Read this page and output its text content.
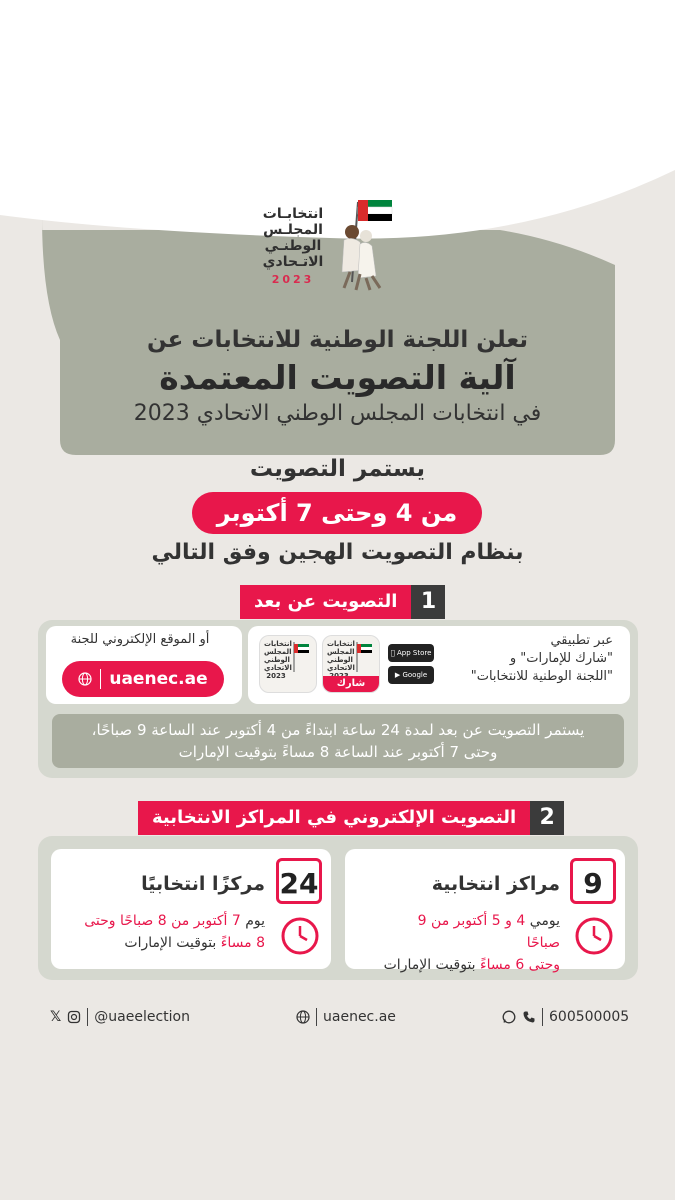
انتخابـات
المجلـس
الوطنـي
الاتـحادي
2023
تعلن اللجنة الوطنية للانتخابات عن
آلية التصويت المعتمدة
في انتخابات المجلس الوطني الاتحادي 2023
يستمر التصويت
من 4 وحتى 7 أكتوبر
بنظام التصويت الهجين وفق التالي
التصويت عن بعد	1
عبر تطبيقي
"شارك للإمارات" و
"اللجنة الوطنية للانتخابات"
App Store
▶ Google Play
انتخابات المجلس الوطني الاتحادي
شارك
انتخابات المجلس الوطني الاتحادي 2023
أو الموقع الإلكتروني للجنة
uaenec.ae
يستمر التصويت عن بعد لمدة 24 ساعة ابتداءً من 4 أكتوبر عند الساعة 9 صباحًا،
وحتى 7 أكتوبر عند الساعة 8 مساءً بتوقيت الإمارات
التصويت الإلكتروني في المراكز الانتخابية	2
9
مراكز انتخابية
يومي 4 و 5 أكتوبر من 9 صباحًا
وحتى 6 مساءً بتوقيت الإمارات
24
مركزًا انتخابيًا
يوم 7 أكتوبر من 8 صباحًا وحتى
8 مساءً بتوقيت الإمارات
𝕏 @uaeelection	uaenec.ae	600500005
